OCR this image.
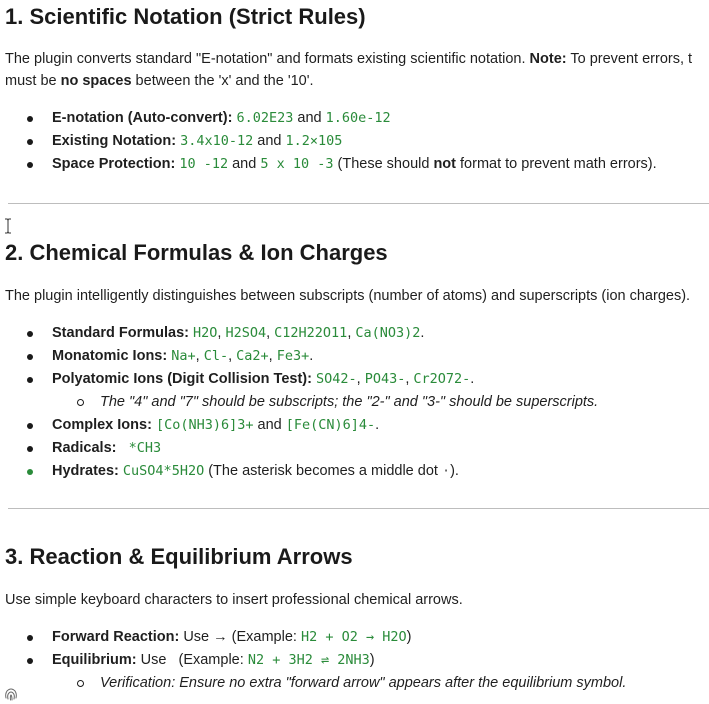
1. Scientific Notation (Strict Rules)

The plugin converts standard "E-notation" and formats existing scientific notation. Note: To prevent errors, t

must be no spaces between the 'x' and the '10'.

E-notation (Auto-convert): 6.02E23 and 1.60e-12
Existing Notation: 3.4x10-12 and 1.2×105
Space Protection: 10 -12 and 5 x 10 -3 (These should not format to prevent math errors).
2. Chemical Formulas & Ion Charges

The plugin intelligently distinguishes between subscripts (number of atoms) and superscripts (ion charges).

Standard Formulas: H2O, H2SO4, C12H22O11, Ca(NO3)2.
Monatomic Ions: Na+, Cl-, Ca2+, Fe3+.
Polyatomic Ions (Digit Collision Test): SO42-, PO43-, Cr2O72-.
The "4" and "7" should be subscripts; the "2-" and "3-" should be superscripts.
Complex Ions: [Co(NH3)6]3+ and [Fe(CN)6]4-.
Radicals: *CH3
Hydrates: CuSO4*5H2O (The asterisk becomes a middle dot ·).
3. Reaction & Equilibrium Arrows

Use simple keyboard characters to insert professional chemical arrows.

Forward Reaction: Use → (Example: H2 + O2 → H2O)
Equilibrium: Use   (Example: N2 + 3H2 ⇌ 2NH3)
Verification: Ensure no extra "forward arrow" appears after the equilibrium symbol.
